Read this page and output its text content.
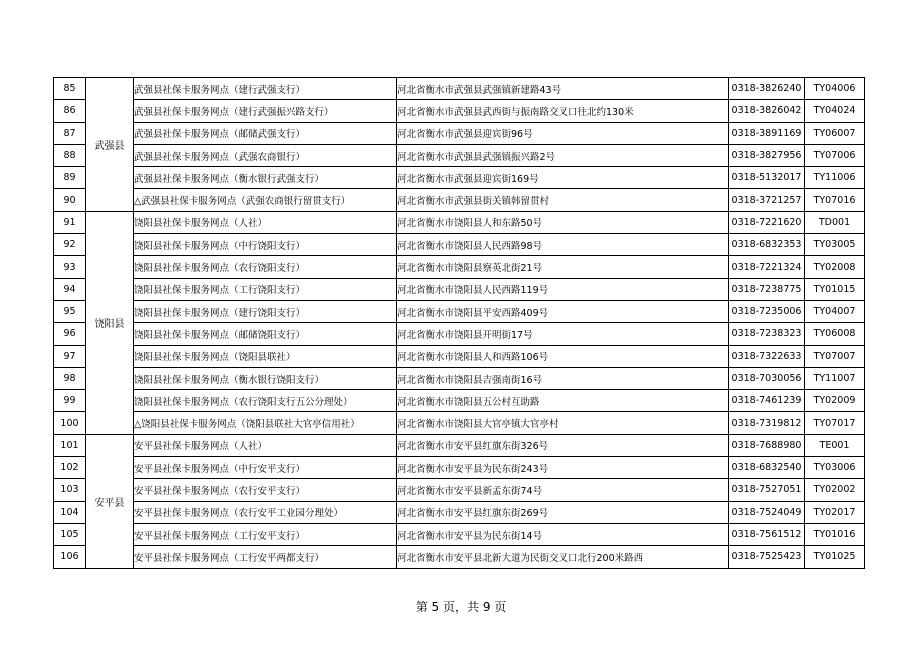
85	武强县	武强县社保卡服务网点（建行武强支行）	河北省衡水市武强县武强镇新建路43号	0318-3826240	TY04006
86		武强县社保卡服务网点（建行武强振兴路支行）	河北省衡水市武强县武西街与振南路交叉口往北约130米	0318-3826042	TY04024
87		武强县社保卡服务网点（邮储武强支行）	河北省衡水市武强县迎宾街96号	0318-3891169	TY06007
88		武强县社保卡服务网点（武强农商银行）	河北省衡水市武强县武强镇振兴路2号	0318-3827956	TY07006
89		武强县社保卡服务网点（衡水银行武强支行）	河北省衡水市武强县迎宾街169号	0318-5132017	TY11006
90		△武强县社保卡服务网点（武强农商银行留贯支行）	河北省衡水市武强县街关镇韩留贯村	0318-3721257	TY07016
91	饶阳县	饶阳县社保卡服务网点（人社）	河北省衡水市饶阳县人和东路50号	0318-7221620	TD001
92		饶阳县社保卡服务网点（中行饶阳支行）	河北省衡水市饶阳县人民西路98号	0318-6832353	TY03005
93		饶阳县社保卡服务网点（农行饶阳支行）	河北省衡水市饶阳县察英北街21号	0318-7221324	TY02008
94		饶阳县社保卡服务网点（工行饶阳支行）	河北省衡水市饶阳县人民西路119号	0318-7238775	TY01015
95		饶阳县社保卡服务网点（建行饶阳支行）	河北省衡水市饶阳县平安西路409号	0318-7235006	TY04007
96		饶阳县社保卡服务网点（邮储饶阳支行）	河北省衡水市饶阳县开明街17号	0318-7238323	TY06008
97		饶阳县社保卡服务网点（饶阳县联社）	河北省衡水市饶阳县人和西路106号	0318-7322633	TY07007
98		饶阳县社保卡服务网点（衡水银行饶阳支行）	河北省衡水市饶阳县吉强南街16号	0318-7030056	TY11007
99		饶阳县社保卡服务网点（农行饶阳支行五公分理处）	河北省衡水市饶阳县五公村互助路	0318-7461239	TY02009
100		△饶阳县社保卡服务网点（饶阳县联社大官亭信用社）	河北省衡水市饶阳县大官亭镇大官亭村	0318-7319812	TY07017
101	安平县	安平县社保卡服务网点（人社）	河北省衡水市安平县红旗东街326号	0318-7688980	TE001
102		安平县社保卡服务网点（中行安平支行）	河北省衡水市安平县为民东街243号	0318-6832540	TY03006
103		安平县社保卡服务网点（农行安平支行）	河北省衡水市安平县新孟东街74号	0318-7527051	TY02002
104		安平县社保卡服务网点（农行安平工业园分理处）	河北省衡水市安平县红旗东街269号	0318-7524049	TY02017
105		安平县社保卡服务网点（工行安平支行）	河北省衡水市安平县为民东街14号	0318-7561512	TY01016
106		安平县社保卡服务网点（工行安平两都支行）	河北省衡水市安平县北新大道为民街交叉口北行200米路西	0318-7525423	TY01025
第 5 页，共 9 页
